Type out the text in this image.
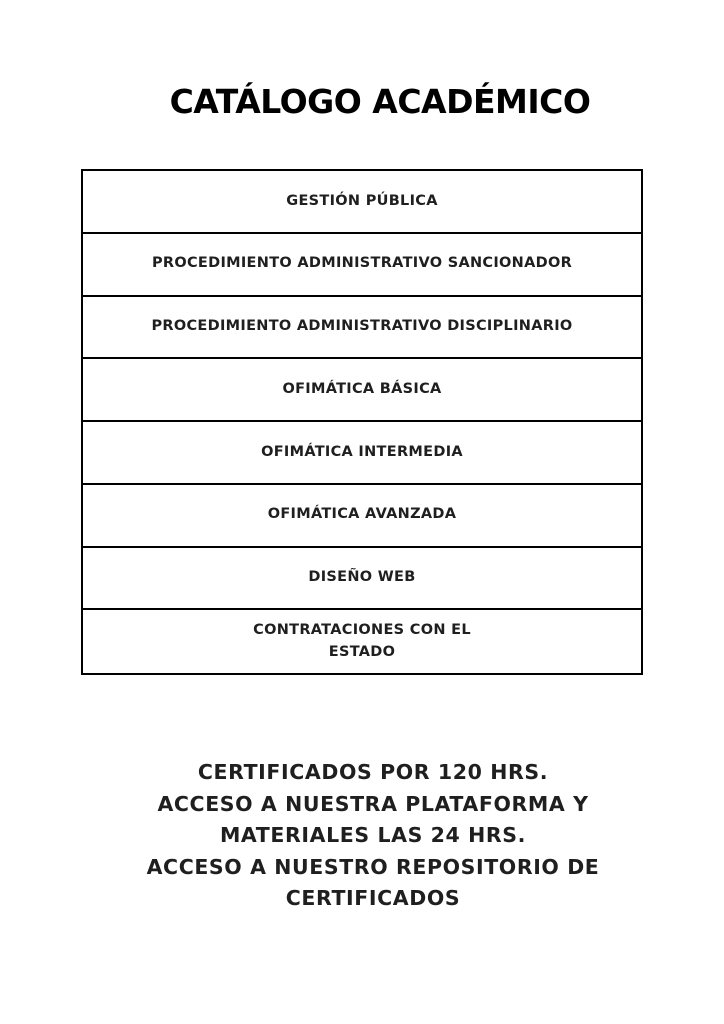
CATÁLOGO ACADÉMICO
GESTIÓN PÚBLICA
PROCEDIMIENTO ADMINISTRATIVO SANCIONADOR
PROCEDIMIENTO ADMINISTRATIVO DISCIPLINARIO
OFIMÁTICA BÁSICA
OFIMÁTICA INTERMEDIA
OFIMÁTICA AVANZADA
DISEÑO WEB
CONTRATACIONES CON EL ESTADO
CERTIFICADOS POR 120 HRS.
ACCESO A NUESTRA PLATAFORMA Y
MATERIALES LAS 24 HRS.
ACCESO A NUESTRO REPOSITORIO DE
CERTIFICADOS
